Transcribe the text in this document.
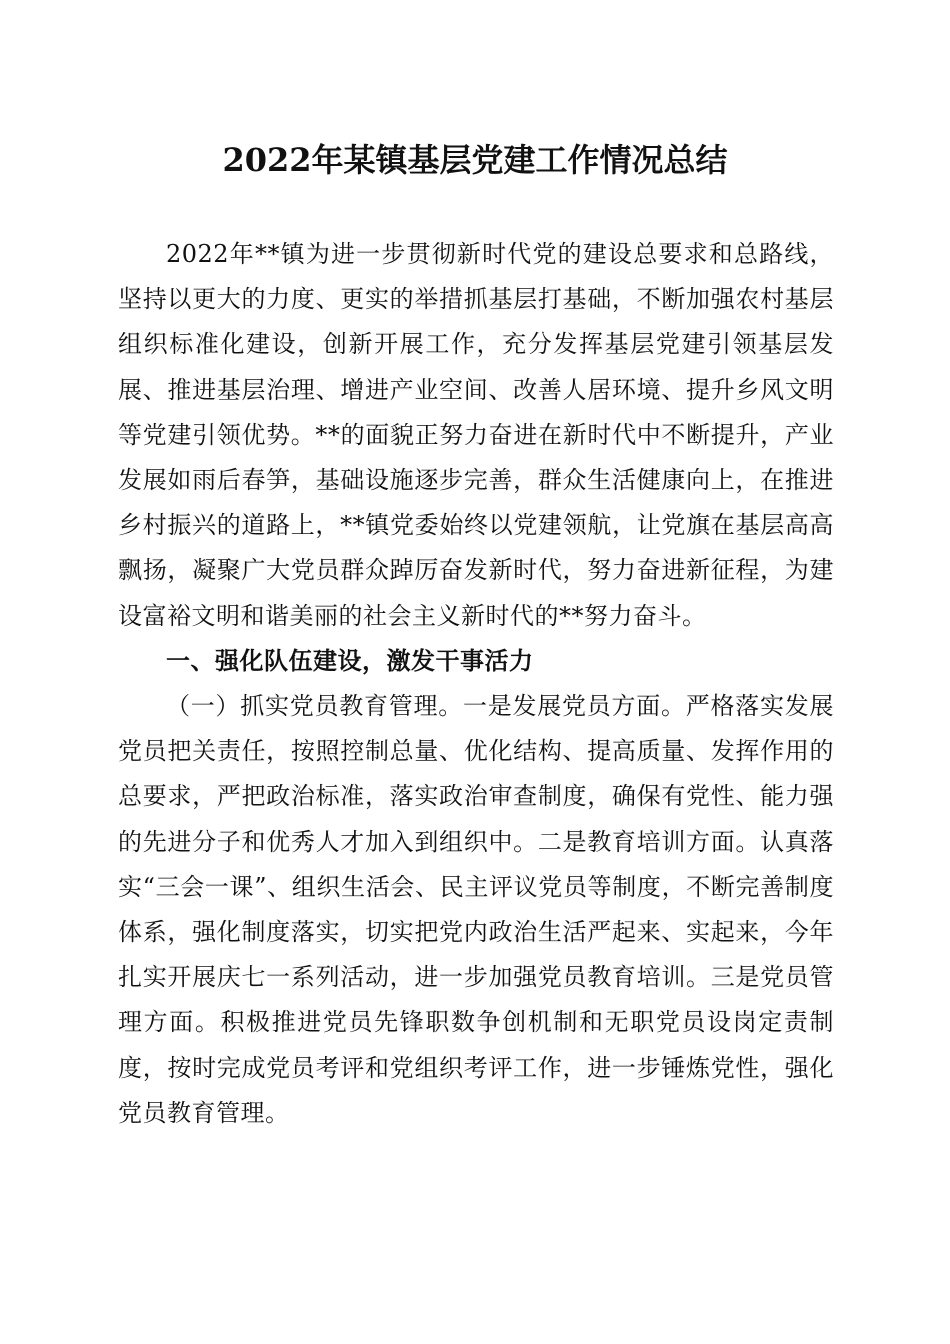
2022年某镇基层党建工作情况总结

2022年**镇为进一步贯彻新时代党的建设总要求和总路线，坚持以更大的力度、更实的举措抓基层打基础，不断加强农村基层组织标准化建设，创新开展工作，充分发挥基层党建引领基层发展、推进基层治理、增进产业空间、改善人居环境、提升乡风文明等党建引领优势。**的面貌正努力奋进在新时代中不断提升，产业发展如雨后春笋，基础设施逐步完善，群众生活健康向上，在推进乡村振兴的道路上，**镇党委始终以党建领航，让党旗在基层高高飘扬，凝聚广大党员群众踔厉奋发新时代，努力奋进新征程，为建设富裕文明和谐美丽的社会主义新时代的**努力奋斗。

一、强化队伍建设，激发干事活力

（一）抓实党员教育管理。一是发展党员方面。严格落实发展党员把关责任，按照控制总量、优化结构、提高质量、发挥作用的总要求，严把政治标准，落实政治审查制度，确保有党性、能力强的先进分子和优秀人才加入到组织中。二是教育培训方面。认真落实“三会一课”、组织生活会、民主评议党员等制度，不断完善制度体系，强化制度落实，切实把党内政治生活严起来、实起来，今年扎实开展庆七一系列活动，进一步加强党员教育培训。三是党员管理方面。积极推进党员先锋职数争创机制和无职党员设岗定责制度，按时完成党员考评和党组织考评工作，进一步锤炼党性，强化党员教育管理。
